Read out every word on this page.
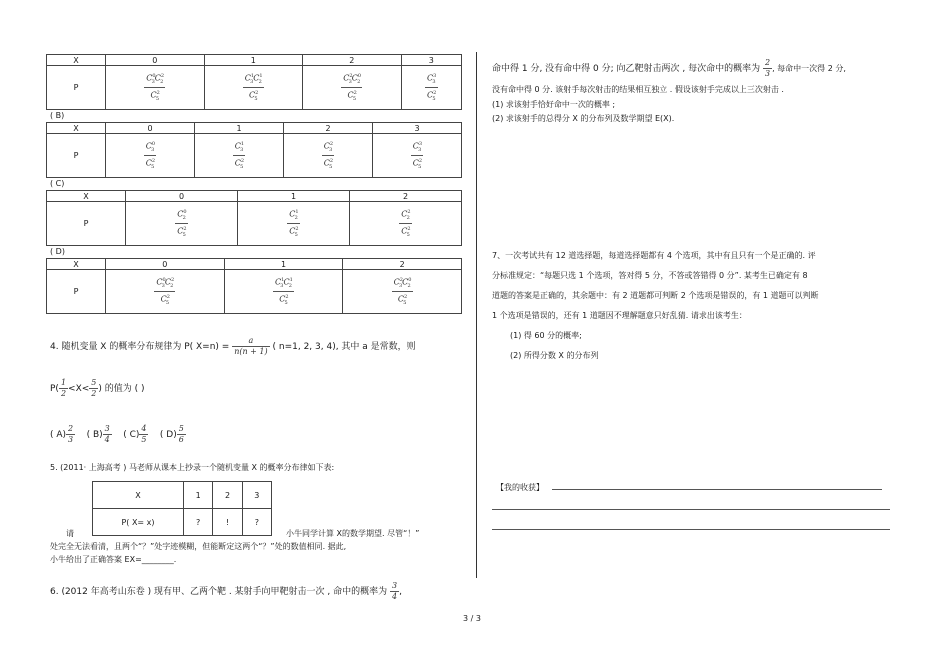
X	0	1	2	3
P	$\frac{C^0_3C^2_2}{C^2_5}$	$\frac{C^1_3C^1_2}{C^2_5}$	$\frac{C^2_3C^0_2}{C^2_5}$	$\frac{C^3_3}{C^2_5}$
( B)
X	0	1	2	3
P	$\frac{C^0_3}{C^2_5}$	$\frac{C^1_3}{C^2_5}$	$\frac{C^2_3}{C^2_5}$	$\frac{C^3_3}{C^2_5}$
( C)
X	0	1	2
P	$\frac{C^0_2}{C^2_5}$	$\frac{C^1_2}{C^2_5}$	$\frac{C^2_2}{C^2_5}$
( D)
X	0	1	2
P	$\frac{C^0_3C^2_2}{C^2_5}$	$\frac{C^1_3C^1_2}{C^2_5}$	$\frac{C^2_3C^0_2}{C^2_5}$
4. 随机变量 X 的概率分布规律为 P( $X=n) = \frac{a}{n(n + 1)}$ ( n=1, 2, 3, 4), 其中 a 是常数，则
$P( \frac{1}{2} <X< \frac{5}{2}$ ) 的值为 ( )
( $A) \frac{2}{3}$ ( $B) \frac{3}{4}$ ( $C) \frac{4}{5}$ ( $D) \frac{5}{6}$
5. (2011· 上海高考 ) 马老师从课本上抄录一个随机变量 X 的概率分布律如下表:
X	1	2	3
P( X= x)	?	!	?
请	小牛同学计算 X的数学期望. 尽管“！”
处完全无法看清，且两个“？”处字迹模糊，但能断定这两个“？”处的数值相同. 据此,
小牛给出了正确答案 EX=________.
6. (2012 年高考山东卷 ) 现有甲、乙两个靶 . 某射手向甲靶射击一次 , 命中的概率为 $\frac{3}{4}$ ,
命中得 1 分, 没有命中得 0 分; 向乙靶射击两次 , 每次命中的概率为 $\frac{2}{3}$ , 每命中一次得 2 分,
没有命中得 0 分. 该射手每次射击的结果相互独立 . 假设该射手完成以上三次射击 .
(1) 求该射手恰好命中一次的概率 ;
(2) 求该射手的总得分 X 的分布列及数学期望 E(X).
7、一次考试共有 12 道选择题，每道选择题都有 4 个选项，其中有且只有一个是正确的. 评
分标准规定：“每题只选 1 个选项，答对得 5 分，不答或答错得 0 分”. 某考生已确定有 8
道题的答案是正确的，其余题中：有 2 道题都可判断 2 个选项是错误的，有 1 道题可以判断
1 个选项是错误的，还有 1 道题因不理解题意只好乱猜. 请求出该考生：
(1) 得 60 分的概率;
(2) 所得分数 X 的分布列
【我的收获】
3 / 3
